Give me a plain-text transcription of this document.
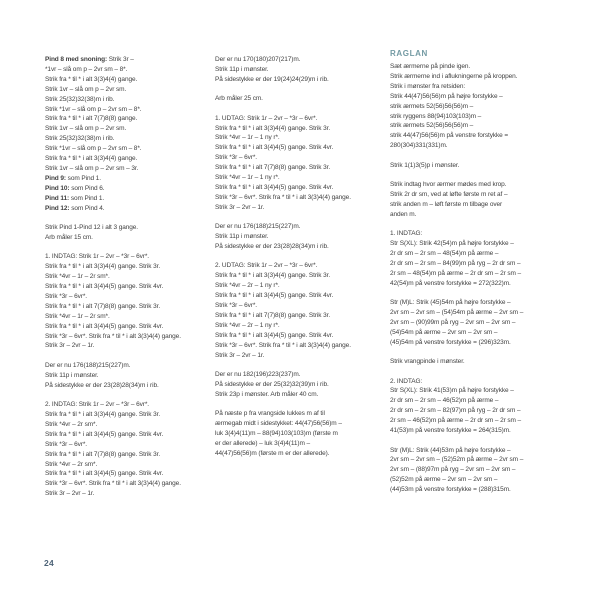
Pind 8 med snoning: Strik 3r –
*1vr – slå om p – 2vr sm – 8*.
Strik fra * til * i alt 3(3)4(4) gange.
Strik 1vr – slå om p – 2vr sm.
Strik 25(32)32(38)m i rib.
Strik *1vr – slå om p – 2vr sm – 8*.
Strik fra * til * i alt 7(7)8(8) gange.
Strik 1vr – slå om p – 2vr sm.
Strik 25(32)32(38)m i rib.
Strik *1vr – slå om p – 2vr sm – 8*.
Strik fra * til * i alt 3(3)4(4) gange.
Strik 1vr – slå om p – 2vr sm – 3r.
Pind 9: som Pind 1.
Pind 10: som Pind 6.
Pind 11: som Pind 1.
Pind 12: som Pind 4.
Strik Pind 1-Pind 12 i alt 3 gange.
Arb måler 15 cm.
1. INDTAG: Strik 1r – 2vr – *3r – 6vr*.
Strik fra * til * i alt 3(3)4(4) gange. Strik 3r.
Strik *4vr – 1r – 2r sm*.
Strik fra * til * i alt 3(4)4(5) gange. Strik 4vr.
Strik *3r – 6vr*.
Strik fra * til * i alt 7(7)8(8) gange. Strik 3r.
Strik *4vr – 1r – 2r sm*.
Strik fra * til * i alt 3(4)4(5) gange. Strik 4vr.
Strik *3r – 6vr*. Strik fra * til * i alt 3(3)4(4) gange.
Strik 3r – 2vr – 1r.
Der er nu 176(188)215(227)m.
Strik 11p i mønster.
På sidestykke er der 23(28)28(34)m i rib.
2. INDTAG: Strik 1r – 2vr – *3r – 6vr*.
Strik fra * til * i alt 3(3)4(4) gange. Strik 3r.
Strik *4vr – 2r sm*.
Strik fra * til * i alt 3(4)4(5) gange. Strik 4vr.
Strik *3r – 6vr*.
Strik fra * til * i alt 7(7)8(8) gange. Strik 3r.
Strik *4vr – 2r sm*.
Strik fra * til * i alt 3(4)4(5) gange. Strik 4vr.
Strik *3r – 6vr*. Strik fra * til * i alt 3(3)4(4) gange.
Strik 3r – 2vr – 1r.
Der er nu 170(180)207(217)m.
Strik 11p i mønster.
På sidestykke er der 19(24)24(29)m i rib.
Arb måler 25 cm.
1. UDTAG: Strik 1r – 2vr – *3r – 6vr*.
Strik fra * til * i alt 3(3)4(4) gange. Strik 3r.
Strik *4vr – 1r – 1 ny r*.
Strik fra * til * i alt 3(4)4(5) gange. Strik 4vr.
Strik *3r – 6vr*.
Strik fra * til * i alt 7(7)8(8) gange. Strik 3r.
Strik *4vr – 1r – 1 ny r*.
Strik fra * til * i alt 3(4)4(5) gange. Strik 4vr.
Strik *3r – 6vr*. Strik fra * til * i alt 3(3)4(4) gange.
Strik 3r – 2vr – 1r.
Der er nu 176(188)215(227)m.
Strik 11p i mønster.
På sidestykke er der 23(28)28(34)m i rib.
2. UDTAG: Strik 1r – 2vr – *3r – 6vr*.
Strik fra * til * i alt 3(3)4(4) gange. Strik 3r.
Strik *4vr – 2r – 1 ny r*.
Strik fra * til * i alt 3(4)4(5) gange. Strik 4vr.
Strik *3r – 6vr*.
Strik fra * til * i alt 7(7)8(8) gange. Strik 3r.
Strik *4vr – 2r – 1 ny r*.
Strik fra * til * i alt 3(4)4(5) gange. Strik 4vr.
Strik *3r – 6vr*. Strik fra * til * i alt 3(3)4(4) gange.
Strik 3r – 2vr – 1r.
Der er nu 182(196)223(237)m.
På sidestykke er der 25(32)32(39)m i rib.
Strik 23p i mønster. Arb måler 40 cm.
På næste p fra vrangside lukkes m af til
ærmegab midt i sidestykket: 44(47)56(56)m –
luk 3(4)4(11)m – 88(94)103(103)m (første m
er der allerede) – luk 3(4)4(11)m –
44(47)56(56)m (første m er der allerede).
RAGLAN
Sæt ærmerne på pinde igen.
Strik ærmerne ind i aflukningerne på kroppen.
Strik i mønster fra retsiden:
Strik 44(47)56(56)m på højre forstykke –
strik ærmets 52(56)56(56)m –
strik ryggens 88(94)103(103)m –
strik ærmets 52(56)56(56)m –
strik 44(47)56(56)m på venstre forstykke =
280(304)331(331)m.
Strik 1(1)3(5)p i mønster.
Strik indtag hvor ærmer mødes med krop.
Strik 2r dr sm, ved at løfte første m ret af –
strik anden m – løft første m tilbage over
anden m.
1. INDTAG:
Str S(XL): Strik 42(54)m på højre forstykke –
2r dr sm – 2r sm – 48(54)m på ærme –
2r dr sm – 2r sm – 84(99)m på ryg – 2r dr sm –
2r sm – 48(54)m på ærme – 2r dr sm – 2r sm –
42(54)m på venstre forstykke = 272(322)m.
Str (M)L: Strik (45)54m på højre forstykke –
2vr sm – 2vr sm – (54)54m på ærme – 2vr sm –
2vr sm – (90)99m på ryg – 2vr sm – 2vr sm –
(54)54m på ærme – 2vr sm – 2vr sm –
(45)54m på venstre forstykke = (296)323m.
Strik vrangpinde i mønster.
2. INDTAG:
Str S(XL): Strik 41(53)m på højre forstykke –
2r dr sm – 2r sm – 46(52)m på ærme –
2r dr sm – 2r sm – 82(97)m på ryg – 2r dr sm –
2r sm – 46(52)m på ærme – 2r dr sm – 2r sm –
41(53)m på venstre forstykke = 264(315)m.
Str (M)L: Strik (44)53m på højre forstykke –
2vr sm – 2vr sm – (52)52m på ærme – 2vr sm –
2vr sm – (88)97m på ryg – 2vr sm – 2vr sm –
(52)52m på ærme – 2vr sm – 2vr sm –
(44)53m på venstre forstykke = (288)315m.
24
